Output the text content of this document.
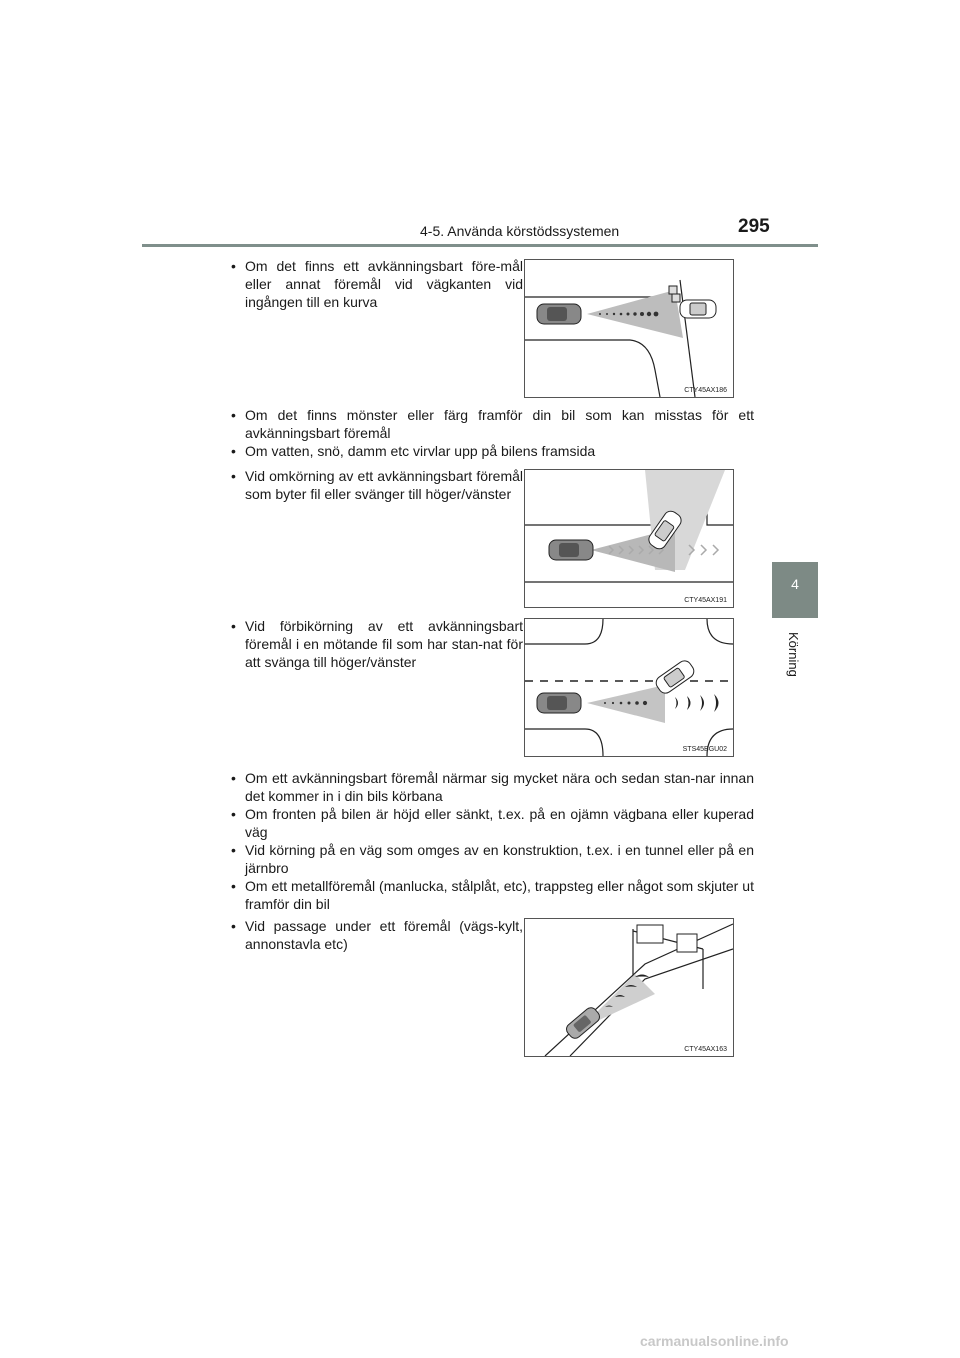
4-5. Använda körstödssystemen	295
4
Körning

• Om det finns ett avkänningsbart före-mål eller annat föremål vid vägkanten vid ingången till en kurva

• Om det finns mönster eller färg framför din bil som kan misstas för ett avkänningsbart föremål

• Om vatten, snö, damm etc virvlar upp på bilens framsida

• Vid omkörning av ett avkänningsbart föremål som byter fil eller svänger till höger/vänster

• Vid förbikörning av ett avkänningsbart föremål i en mötande fil som har stan-nat för att svänga till höger/vänster

• Om ett avkänningsbart föremål närmar sig mycket nära och sedan stan-nar innan det kommer in i din bils körbana

• Om fronten på bilen är höjd eller sänkt, t.ex. på en ojämn vägbana eller kuperad väg

• Vid körning på en väg som omges av en konstruktion, t.ex. i en tunnel eller på en järnbro

• Om ett metallföremål (manlucka, stålplåt, etc), trappsteg eller något som skjuter ut framför din bil

• Vid passage under ett föremål (vägs-kylt, annonstavla etc)

CTY45AX186
CTY45AX191
STS45BGU02
CTY45AX163
carmanualsonline.info
